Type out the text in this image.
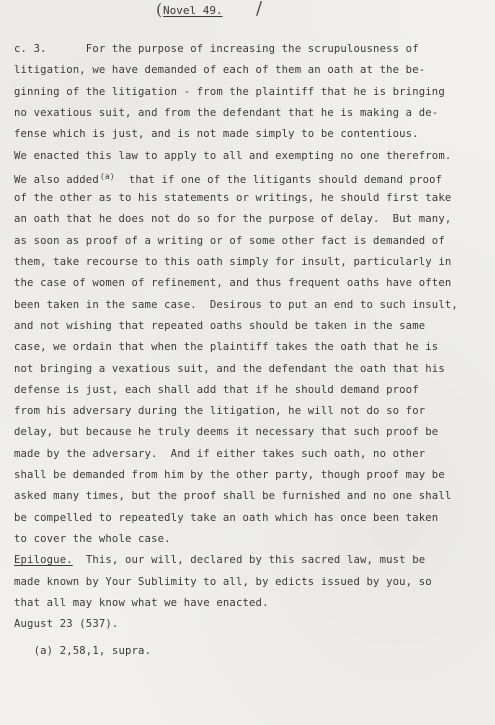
( Novel 49. /
c. 3.      For the purpose of increasing the scrupulousness of
litigation, we have demanded of each of them an oath at the be-
ginning of the litigation - from the plaintiff that he is bringing
no vexatious suit, and from the defendant that he is making a de-
fense which is just, and is not made simply to be contentious.
We enacted this law to apply to all and exempting no one therefrom.
We also added$^{(a)}$  that if one of the litigants should demand proof
of the other as to his statements or writings, he should first take
an oath that he does not do so for the purpose of delay.  But many,
as soon as proof of a writing or of some other fact is demanded of
them, take recourse to this oath simply for insult, particularly in
the case of women of refinement, and thus frequent oaths have often
been taken in the same case.  Desirous to put an end to such insult,
and not wishing that repeated oaths should be taken in the same
case, we ordain that when the plaintiff takes the oath that he is
not bringing a vexatious suit, and the defendant the oath that his
defense is just, each shall add that if he should demand proof
from his adversary during the litigation, he will not do so for
delay, but because he truly deems it necessary that such proof be
made by the adversary.  And if either takes such oath, no other
shall be demanded from him by the other party, though proof may be
asked many times, but the proof shall be furnished and no one shall
be compelled to repeatedly take an oath which has once been taken
to cover the whole case.
Epilogue.  This, our will, declared by this sacred law, must be
made known by Your Sublimity to all, by edicts issued by you, so
that all may know what we have enacted.
August 23 (537).
(a) 2,58,1, supra.
